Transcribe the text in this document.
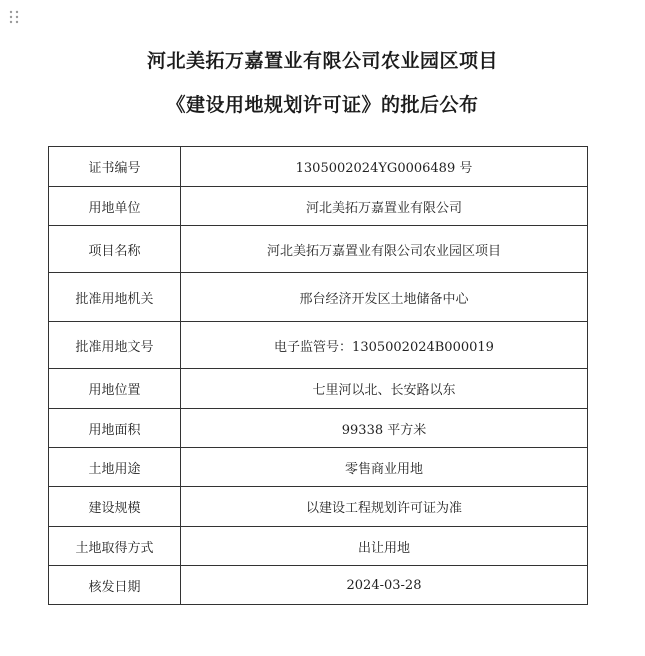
河北美拓万嘉置业有限公司农业园区项目
《建设用地规划许可证》的批后公布
证书编号	1305002024YG0006489 号
用地单位	河北美拓万嘉置业有限公司
项目名称	河北美拓万嘉置业有限公司农业园区项目
批准用地机关	邢台经济开发区土地储备中心
批准用地文号	电子监管号：1305002024B000019
用地位置	七里河以北、长安路以东
用地面积	99338 平方米
土地用途	零售商业用地
建设规模	以建设工程规划许可证为准
土地取得方式	出让用地
核发日期	2024-03-28
